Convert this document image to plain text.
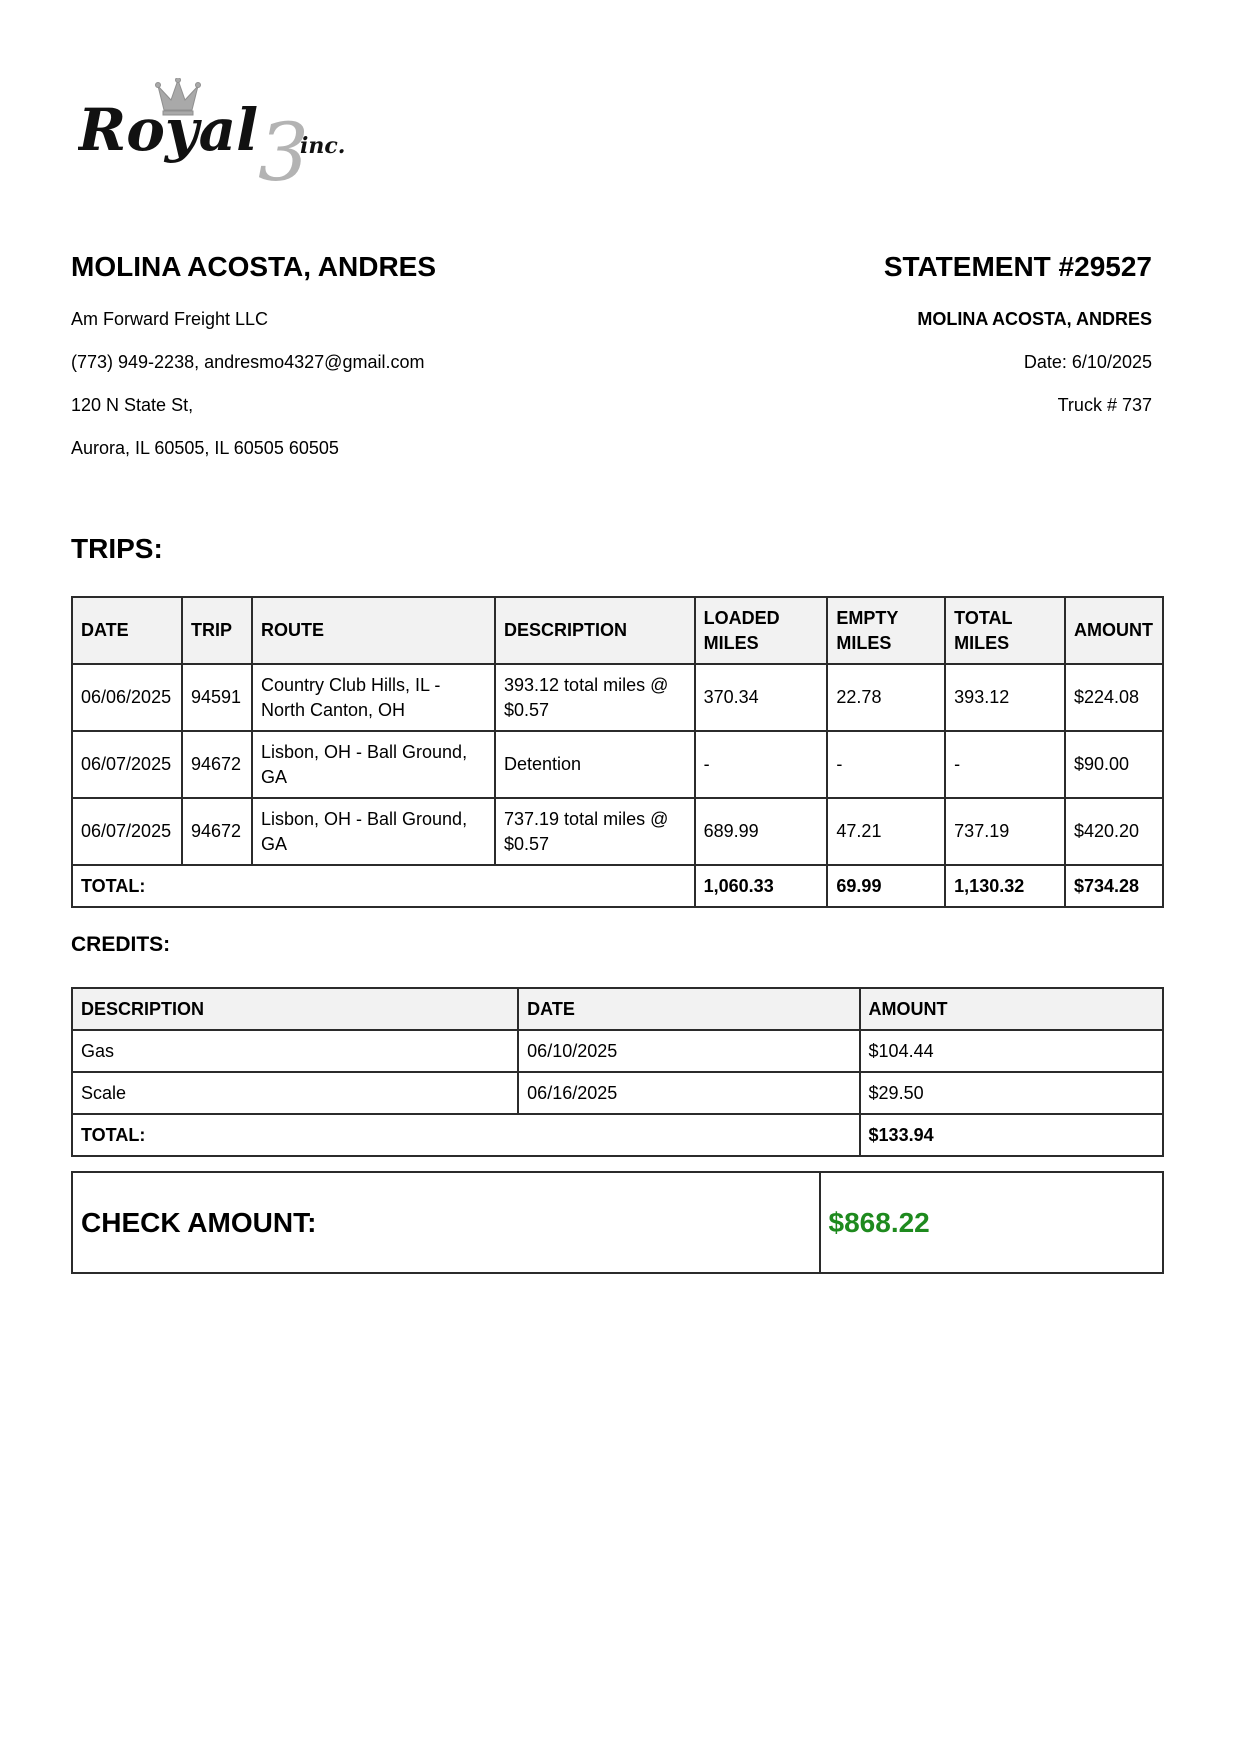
Royal 3
inc.
MOLINA ACOSTA, ANDRES
Am Forward Freight LLC
(773) 949-2238, andresmo4327@gmail.com
120 N State St,
Aurora, IL 60505, IL 60505 60505
STATEMENT #29527
MOLINA ACOSTA, ANDRES
Date: 6/10/2025
Truck # 737
TRIPS:
DATE	TRIP	ROUTE	DESCRIPTION	LOADED MILES	EMPTY MILES	TOTAL MILES	AMOUNT
06/06/2025	94591	Country Club Hills, IL - North Canton, OH	393.12 total miles @ $0.57	370.34	22.78	393.12	$224.08
06/07/2025	94672	Lisbon, OH - Ball Ground, GA	Detention	-	-	-	$90.00
06/07/2025	94672	Lisbon, OH - Ball Ground, GA	737.19 total miles @ $0.57	689.99	47.21	737.19	$420.20
TOTAL:				1,060.33	69.99	1,130.32	$734.28
CREDITS:
DESCRIPTION	DATE	AMOUNT
Gas	06/10/2025	$104.44
Scale	06/16/2025	$29.50
TOTAL:		$133.94
CHECK AMOUNT:	$868.22
